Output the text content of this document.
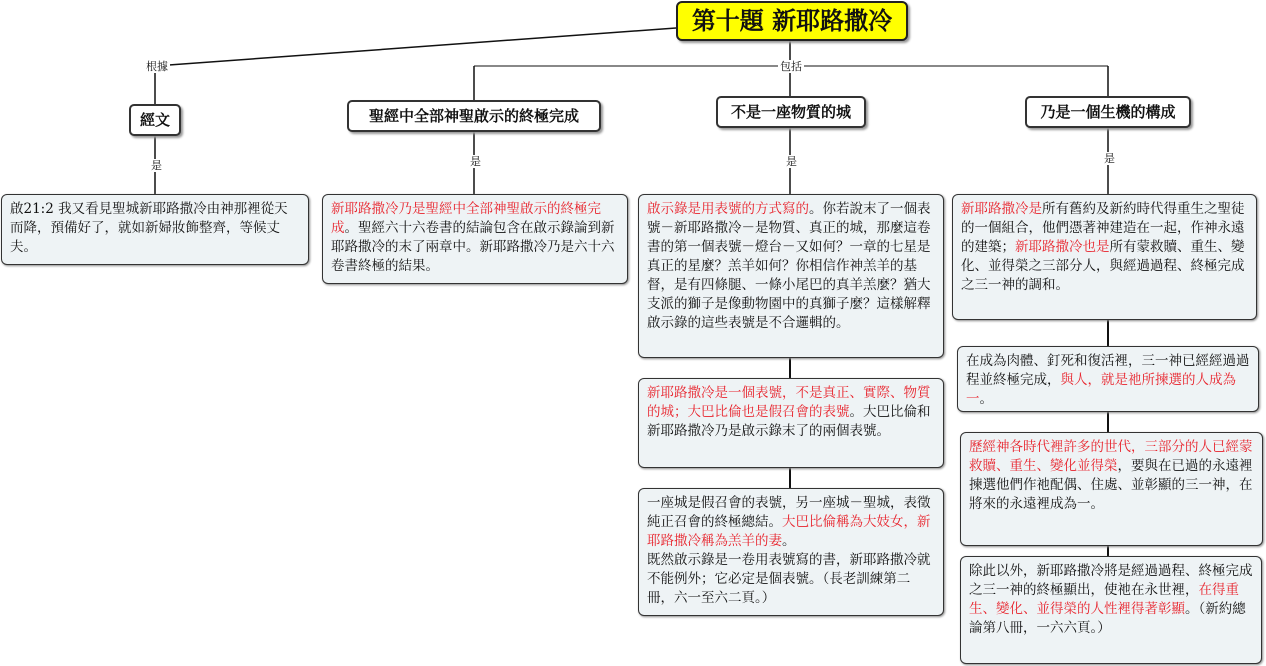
第十題 新耶路撒冷
根據	包括
是	是	是	是
經文	聖經中全部神聖啟示的終極完成	不是一座物質的城	乃是一個生機的構成
啟21:2 我又看見聖城新耶路撒冷由神那裡從天而降，預備好了，就如新婦妝飾整齊，等候丈夫。
新耶路撒冷乃是聖經中全部神聖啟示的終極完成。聖經六十六卷書的結論包含在啟示錄論到新耶路撒冷的末了兩章中。新耶路撒冷乃是六十六卷書終極的結果。
啟示錄是用表號的方式寫的。你若說末了一個表號－新耶路撒冷－是物質、真正的城，那麼這卷書的第一個表號－燈台－又如何？一章的七星是真正的星麼？羔羊如何？你相信作神羔羊的基督，是有四條腿、一條小尾巴的真羊羔麼？猶大支派的獅子是像動物園中的真獅子麼？這樣解釋啟示錄的這些表號是不合邏輯的。
新耶路撒冷是一個表號，不是真正、實際、物質的城；大巴比倫也是假召會的表號。大巴比倫和新耶路撒冷乃是啟示錄末了的兩個表號。
一座城是假召會的表號，另一座城－聖城，表徵純正召會的終極總結。大巴比倫稱為大妓女，新耶路撒冷稱為羔羊的妻。
既然啟示錄是一卷用表號寫的書，新耶路撒冷就不能例外；它必定是個表號。（長老訓練第二冊，六一至六二頁。）
新耶路撒冷是所有舊約及新約時代得重生之聖徒的一個組合，他們憑著神建造在一起，作神永遠的建築；新耶路撒冷也是所有蒙救贖、重生、變化、並得榮之三部分人，與經過過程、終極完成之三一神的調和。
在成為肉體、釘死和復活裡，三一神已經經過過程並終極完成，與人，就是祂所揀選的人成為一。
歷經神各時代裡許多的世代，三部分的人已經蒙救贖、重生、變化並得榮，要與在已過的永遠裡揀選他們作祂配偶、住處、並彰顯的三一神，在將來的永遠裡成為一。
除此以外，新耶路撒冷將是經過過程、終極完成之三一神的終極顯出，使祂在永世裡，在得重生、變化、並得榮的人性裡得著彰顯。（新約總論第八冊，一六六頁。）
